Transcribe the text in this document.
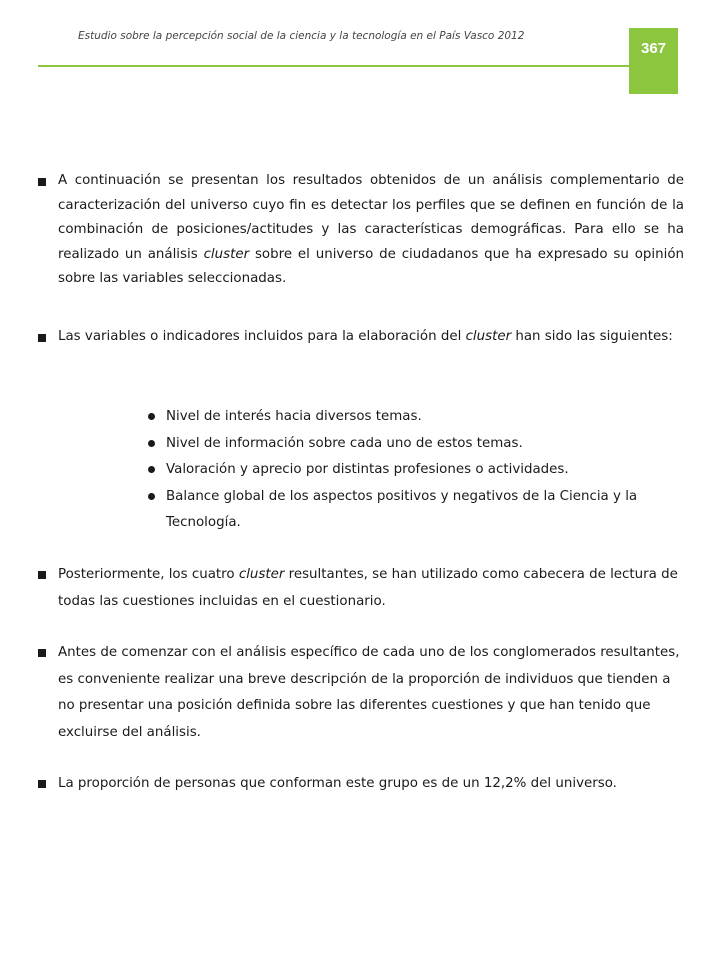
Estudio sobre la percepción social de la ciencia y la tecnología en el País Vasco 2012
367
A continuación se presentan los resultados obtenidos de un análisis complementario de caracterización del universo cuyo fin es detectar los perfiles que se definen en función de la combinación de posiciones/actitudes y las características demográficas. Para ello se ha realizado un análisis cluster sobre el universo de ciudadanos que ha expresado su opinión sobre las variables seleccionadas.
Las variables o indicadores incluidos para la elaboración del cluster han sido las siguientes:
Nivel de interés hacia diversos temas.
Nivel de información sobre cada uno de estos temas.
Valoración y aprecio por distintas profesiones o actividades.
Balance global de los aspectos positivos y negativos de la Ciencia y la Tecnología.
Posteriormente, los cuatro cluster resultantes, se han utilizado como cabecera de lectura de todas las cuestiones incluidas en el cuestionario.
Antes de comenzar con el análisis específico de cada uno de los conglomerados resultantes, es conveniente realizar una breve descripción de la proporción de individuos que tienden a no presentar una posición definida sobre las diferentes cuestiones y que han tenido que excluirse del análisis.
La proporción de personas que conforman este grupo es de un 12,2% del universo.
